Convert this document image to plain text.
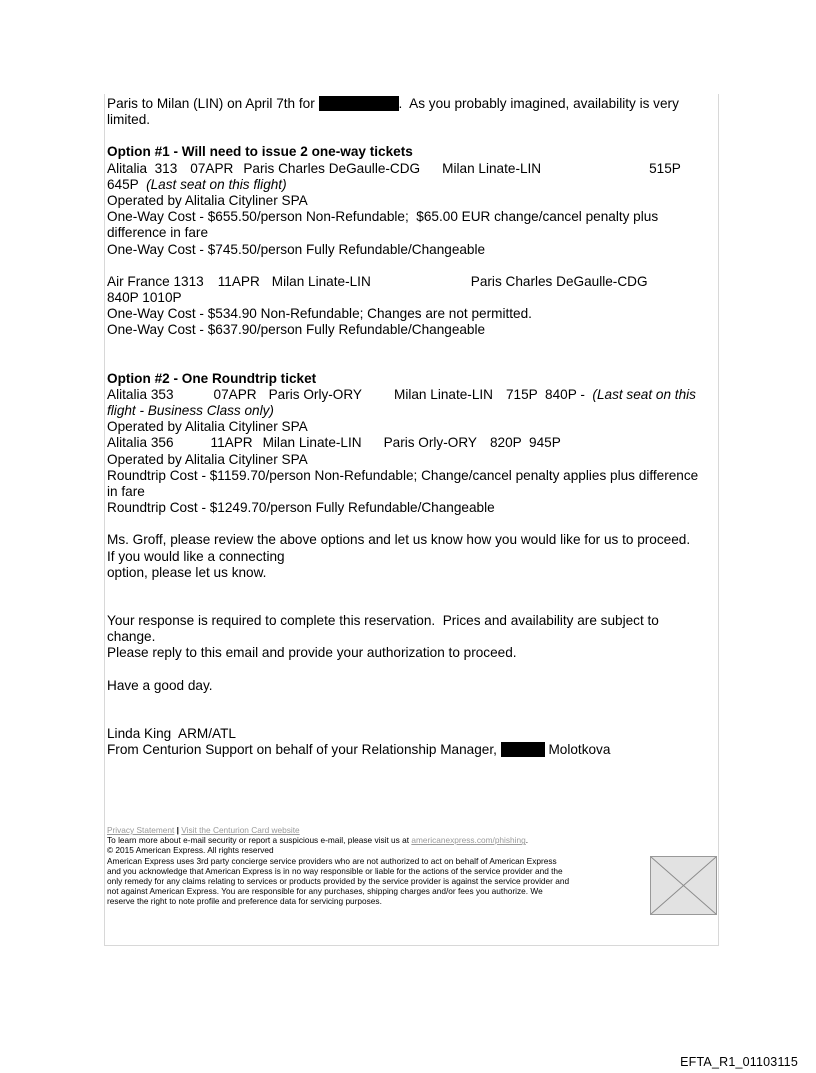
Paris to Milan (LIN) on April 7th for	.  As you probably imagined, availability is very
limited.
Option #1 - Will need to issue 2 one-way tickets
Alitalia  313 07APR Paris Charles DeGaulle-CDG Milan Linate-LIN	515P
645P (Last seat on this flight)
Operated by Alitalia Cityliner SPA
One-Way Cost - $655.50/person Non-Refundable;  $65.00 EUR change/cancel penalty plus
difference in fare
One-Way Cost - $745.50/person Fully Refundable/Changeable
Air France 1313 11APR Milan Linate-LIN	Paris Charles DeGaulle-CDG
840P 1010P
One-Way Cost - $534.90 Non-Refundable; Changes are not permitted.
One-Way Cost - $637.90/person Fully Refundable/Changeable
Option #2 - One Roundtrip ticket
Alitalia 353	07APR Paris Orly-ORY Milan Linate-LIN 715P  840P - (Last seat on this
flight - Business Class only)
Operated by Alitalia Cityliner SPA
Alitalia 356	11APR Milan Linate-LIN Paris Orly-ORY 820P  945P
Operated by Alitalia Cityliner SPA
Roundtrip Cost - $1159.70/person Non-Refundable; Change/cancel penalty applies plus difference
in fare
Roundtrip Cost - $1249.70/person Fully Refundable/Changeable
Ms. Groff, please review the above options and let us know how you would like for us to proceed.
If you would like a connecting
option, please let us know.
Your response is required to complete this reservation.  Prices and availability are subject to
change.
Please reply to this email and provide your authorization to proceed.
Have a good day.
Linda King  ARM/ATL
From Centurion Support on behalf of your Relationship Manager,	Molotkova
Privacy Statement | Visit the Centurion Card website
To learn more about e-mail security or report a suspicious e-mail, please visit us at americanexpress.com/phishing.
© 2015 American Express. All rights reserved
American Express uses 3rd party concierge service providers who are not authorized to act on behalf of American Express
and you acknowledge that American Express is in no way responsible or liable for the actions of the service provider and the
only remedy for any claims relating to services or products provided by the service provider is against the service provider and
not against American Express. You are responsible for any purchases, shipping charges and/or fees you authorize. We
reserve the right to note profile and preference data for servicing purposes.
EFTA_R1_01103115
